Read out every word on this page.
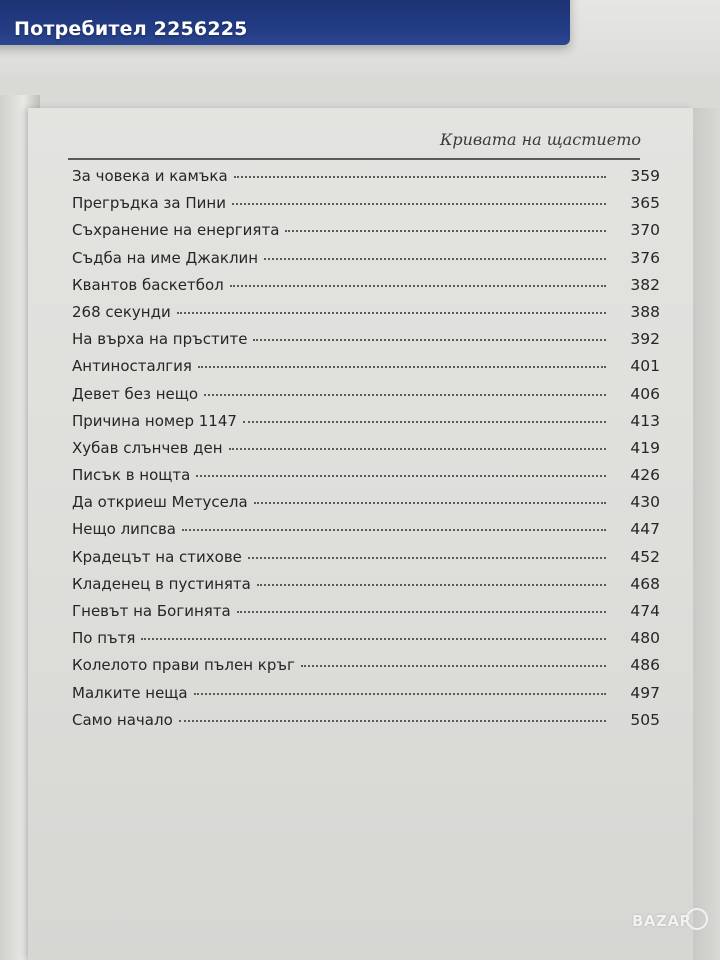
Потребител 2256225
Кривата на щастието
За човека и камъка	359
Прегръдка за Пини	365
Съхранение на енергията	370
Съдба на име Джаклин	376
Квантов баскетбол	382
268 секунди	388
На върха на пръстите	392
Антиносталгия	401
Девет без нещо	406
Причина номер 1147	413
Хубав слънчев ден	419
Писък в нощта	426
Да откриеш Метусела	430
Нещо липсва	447
Крадецът на стихове	452
Кладенец в пустинята	468
Гневът на Богинята	474
По пътя	480
Колелото прави пълен кръг	486
Малките неща	497
Само начало	505
BAZAR
